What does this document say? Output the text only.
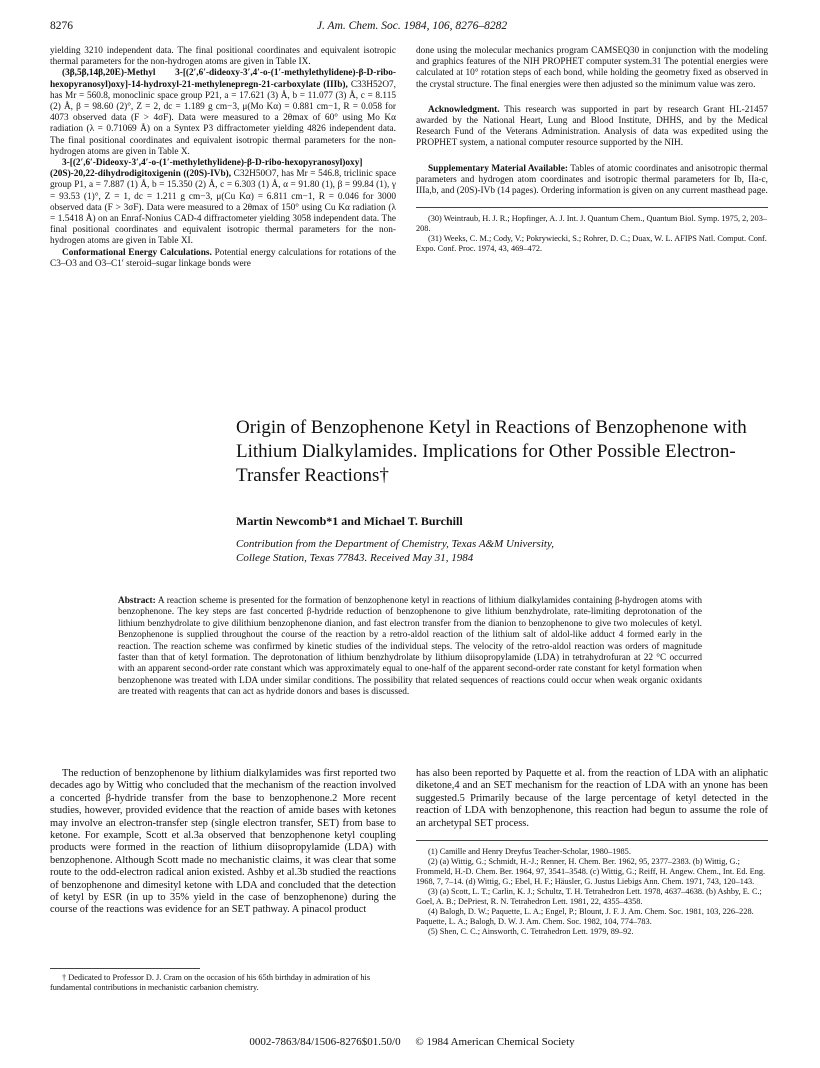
8276	J. Am. Chem. Soc. 1984, 106, 8276–8282

yielding 3210 independent data. The final positional coordinates and equivalent isotropic thermal parameters for the non-hydrogen atoms are given in Table IX.

(3β,5β,14β,20E)-Methyl 3-[(2′,6′-dideoxy-3′,4′-o-(1′-methylethylidene)-β-D-ribo-hexopyranosyl)oxy]-14-hydroxyl-21-methylenepregn-21-carboxylate (IIIb), C33H52O7, has Mr = 560.8, monoclinic space group P21, a = 17.621 (3) Å, b = 11.077 (3) Å, c = 8.115 (2) Å, β = 98.60 (2)°, Z = 2, dc = 1.189 g cm−3, μ(Mo Kα) = 0.881 cm−1, R = 0.058 for 4073 observed data (F > 4σF). Data were measured to a 2θmax of 60° using Mo Kα radiation (λ = 0.71069 Å) on a Syntex P3 diffractometer yielding 4826 independent data. The final positional coordinates and equivalent isotropic thermal parameters for the non-hydrogen atoms are given in Table X.

3-[(2′,6′-Dideoxy-3′,4′-o-(1′-methylethylidene)-β-D-ribo-hexopyranosyl)oxy](20S)-20,22-dihydrodigitoxigenin ((20S)-IVb), C32H50O7, has Mr = 546.8, triclinic space group P1, a = 7.887 (1) Å, b = 15.350 (2) Å, c = 6.303 (1) Å, α = 91.80 (1), β = 99.84 (1), γ = 93.53 (1)°, Z = 1, dc = 1.211 g cm−3, μ(Cu Kα) = 6.811 cm−1, R = 0.046 for 3000 observed data (F > 3σF). Data were measured to a 2θmax of 150° using Cu Kα radiation (λ = 1.5418 Å) on an Enraf-Nonius CAD-4 diffractometer yielding 3058 independent data. The final positional coordinates and equivalent isotropic thermal parameters for the non-hydrogen atoms are given in Table XI.

Conformational Energy Calculations. Potential energy calculations for rotations of the C3–O3 and O3–C1′ steroid–sugar linkage bonds were

done using the molecular mechanics program CAMSEQ30 in conjunction with the modeling and graphics features of the NIH PROPHET computer system.31 The potential energies were calculated at 10° rotation steps of each bond, while holding the geometry fixed as observed in the crystal structure. The final energies were then adjusted so the minimum value was zero.

Acknowledgment. This research was supported in part by research Grant HL-21457 awarded by the National Heart, Lung and Blood Institute, DHHS, and by the Medical Research Fund of the Veterans Administration. Analysis of data was expedited using the PROPHET system, a national computer resource supported by the NIH.

Supplementary Material Available: Tables of atomic coordinates and anisotropic thermal parameters and hydrogen atom coordinates and isotropic thermal parameters for Ib, IIa-c, IIIa,b, and (20S)-IVb (14 pages). Ordering information is given on any current masthead page.

(30) Weintraub, H. J. R.; Hopfinger, A. J. Int. J. Quantum Chem., Quantum Biol. Symp. 1975, 2, 203–208.

(31) Weeks, C. M.; Cody, V.; Pokrywiecki, S.; Rohrer, D. C.; Duax, W. L. AFIPS Natl. Comput. Conf. Expo. Conf. Proc. 1974, 43, 469–472.

Origin of Benzophenone Ketyl in Reactions of Benzophenone with Lithium Dialkylamides. Implications for Other Possible Electron-Transfer Reactions†
Martin Newcomb*1 and Michael T. Burchill
Contribution from the Department of Chemistry, Texas A&M University,
College Station, Texas 77843. Received May 31, 1984
Abstract: A reaction scheme is presented for the formation of benzophenone ketyl in reactions of lithium dialkylamides containing β-hydrogen atoms with benzophenone. The key steps are fast concerted β-hydride reduction of benzophenone to give lithium benzhydrolate, rate-limiting deprotonation of the lithium benzhydrolate to give dilithium benzophenone dianion, and fast electron transfer from the dianion to benzophenone to give two molecules of ketyl. Benzophenone is supplied throughout the course of the reaction by a retro-aldol reaction of the lithium salt of aldol-like adduct 4 formed early in the reaction. The reaction scheme was confirmed by kinetic studies of the individual steps. The velocity of the retro-aldol reaction was orders of magnitude faster than that of ketyl formation. The deprotonation of lithium benzhydrolate by lithium diisopropylamide (LDA) in tetrahydrofuran at 22 °C occurred with an apparent second-order rate constant which was approximately equal to one-half of the apparent second-order rate constant for ketyl formation when benzophenone was treated with LDA under similar conditions. The possibility that related sequences of reactions could occur when weak organic oxidants are treated with reagents that can act as hydride donors and bases is discussed.

The reduction of benzophenone by lithium dialkylamides was first reported two decades ago by Wittig who concluded that the mechanism of the reaction involved a concerted β-hydride transfer from the base to benzophenone.2 More recent studies, however, provided evidence that the reaction of amide bases with ketones may involve an electron-transfer step (single electron transfer, SET) from base to ketone. For example, Scott et al.3a observed that benzophenone ketyl coupling products were formed in the reaction of lithium diisopropylamide (LDA) with benzophenone. Although Scott made no mechanistic claims, it was clear that some route to the odd-electron radical anion existed. Ashby et al.3b studied the reactions of benzophenone and dimesityl ketone with LDA and concluded that the detection of ketyl by ESR (in up to 35% yield in the case of benzophenone) during the course of the reactions was evidence for an SET pathway. A pinacol product

† Dedicated to Professor D. J. Cram on the occasion of his 65th birthday in admiration of his fundamental contributions in mechanistic carbanion chemistry.

has also been reported by Paquette et al. from the reaction of LDA with an aliphatic diketone,4 and an SET mechanism for the reaction of LDA with an ynone has been suggested.5 Primarily because of the large percentage of ketyl detected in the reaction of LDA with benzophenone, this reaction had begun to assume the role of an archetypal SET process.

(1) Camille and Henry Dreyfus Teacher-Scholar, 1980–1985.

(2) (a) Wittig, G.; Schmidt, H.-J.; Renner, H. Chem. Ber. 1962, 95, 2377–2383. (b) Wittig, G.; Frommeld, H.-D. Chem. Ber. 1964, 97, 3541–3548. (c) Wittig, G.; Reiff, H. Angew. Chem., Int. Ed. Eng. 1968, 7, 7–14. (d) Wittig, G.; Ebel, H. F.; Häusler, G. Justus Liebigs Ann. Chem. 1971, 743, 120–143.

(3) (a) Scott, L. T.; Carlin, K. J.; Schultz, T. H. Tetrahedron Lett. 1978, 4637–4638. (b) Ashby, E. C.; Goel, A. B.; DePriest, R. N. Tetrahedron Lett. 1981, 22, 4355–4358.

(4) Balogh, D. W.; Paquette, L. A.; Engel, P.; Blount, J. F. J. Am. Chem. Soc. 1981, 103, 226–228. Paquette, L. A.; Balogh, D. W. J. Am. Chem. Soc. 1982, 104, 774–783.

(5) Shen, C. C.; Ainsworth, C. Tetrahedron Lett. 1979, 89–92.

0002-7863/84/1506-8276$01.50/0 © 1984 American Chemical Society
